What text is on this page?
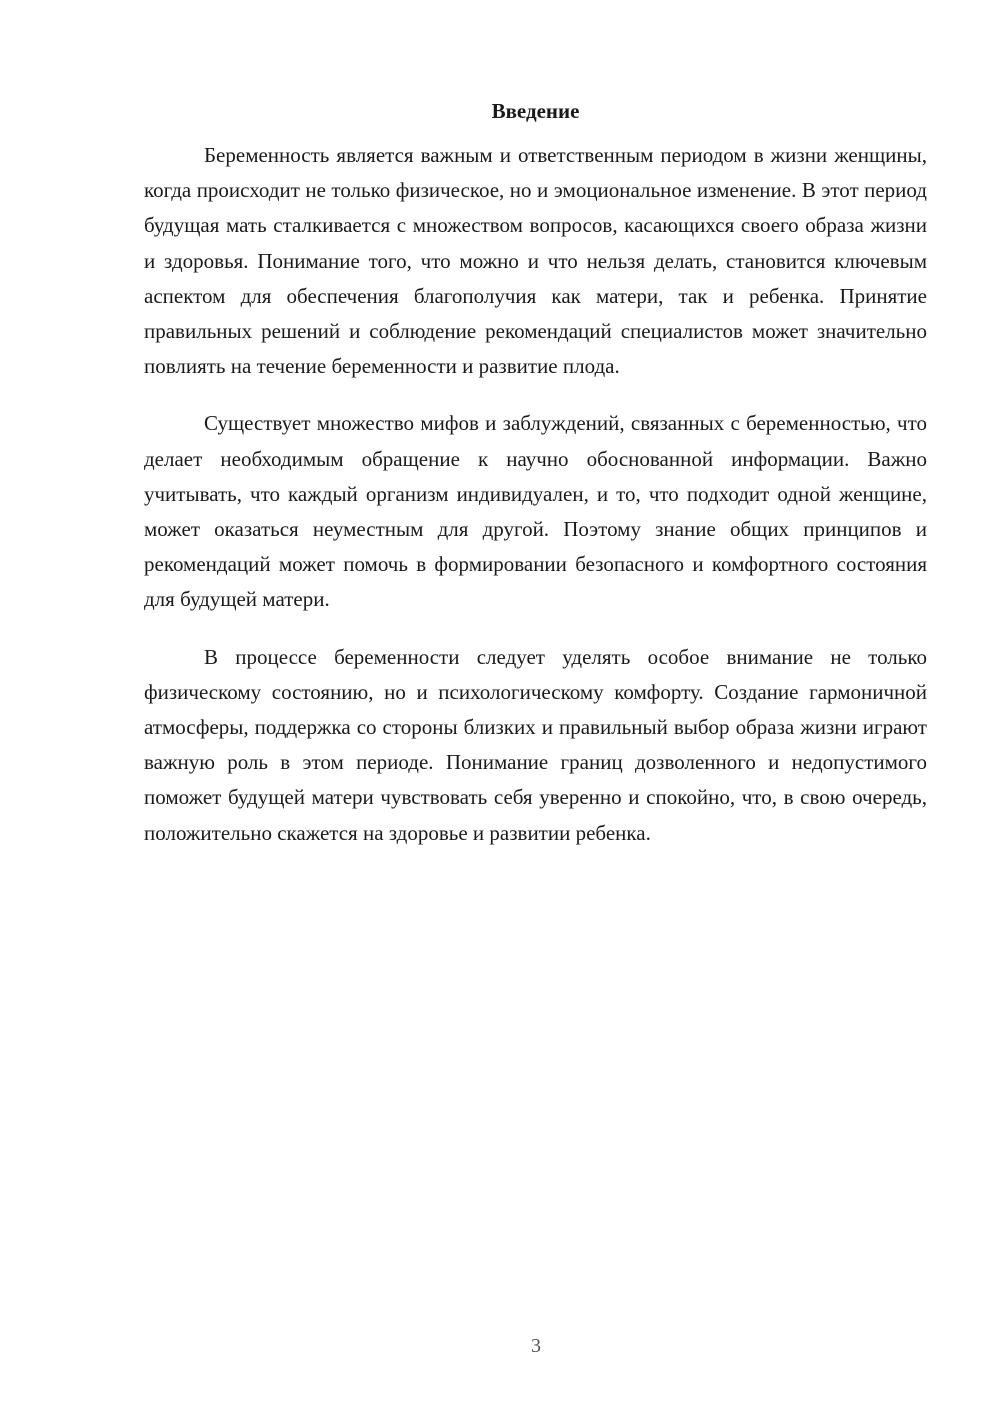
Введение

Беременность является важным и ответственным периодом в жизни женщины, когда происходит не только физическое, но и эмоциональное изменение. В этот период будущая мать сталкивается с множеством вопросов, касающихся своего образа жизни и здоровья. Понимание того, что можно и что нельзя делать, становится ключевым аспектом для обеспечения благополучия как матери, так и ребенка. Принятие правильных решений и соблюдение рекомендаций специалистов может значительно повлиять на течение беременности и развитие плода.

Существует множество мифов и заблуждений, связанных с беременностью, что делает необходимым обращение к научно обоснованной информации. Важно учитывать, что каждый организм индивидуален, и то, что подходит одной женщине, может оказаться неуместным для другой. Поэтому знание общих принципов и рекомендаций может помочь в формировании безопасного и комфортного состояния для будущей матери.

В процессе беременности следует уделять особое внимание не только физическому состоянию, но и психологическому комфорту. Создание гармоничной атмосферы, поддержка со стороны близких и правильный выбор образа жизни играют важную роль в этом периоде. Понимание границ дозволенного и недопустимого поможет будущей матери чувствовать себя уверенно и спокойно, что, в свою очередь, положительно скажется на здоровье и развитии ребенка.

3
